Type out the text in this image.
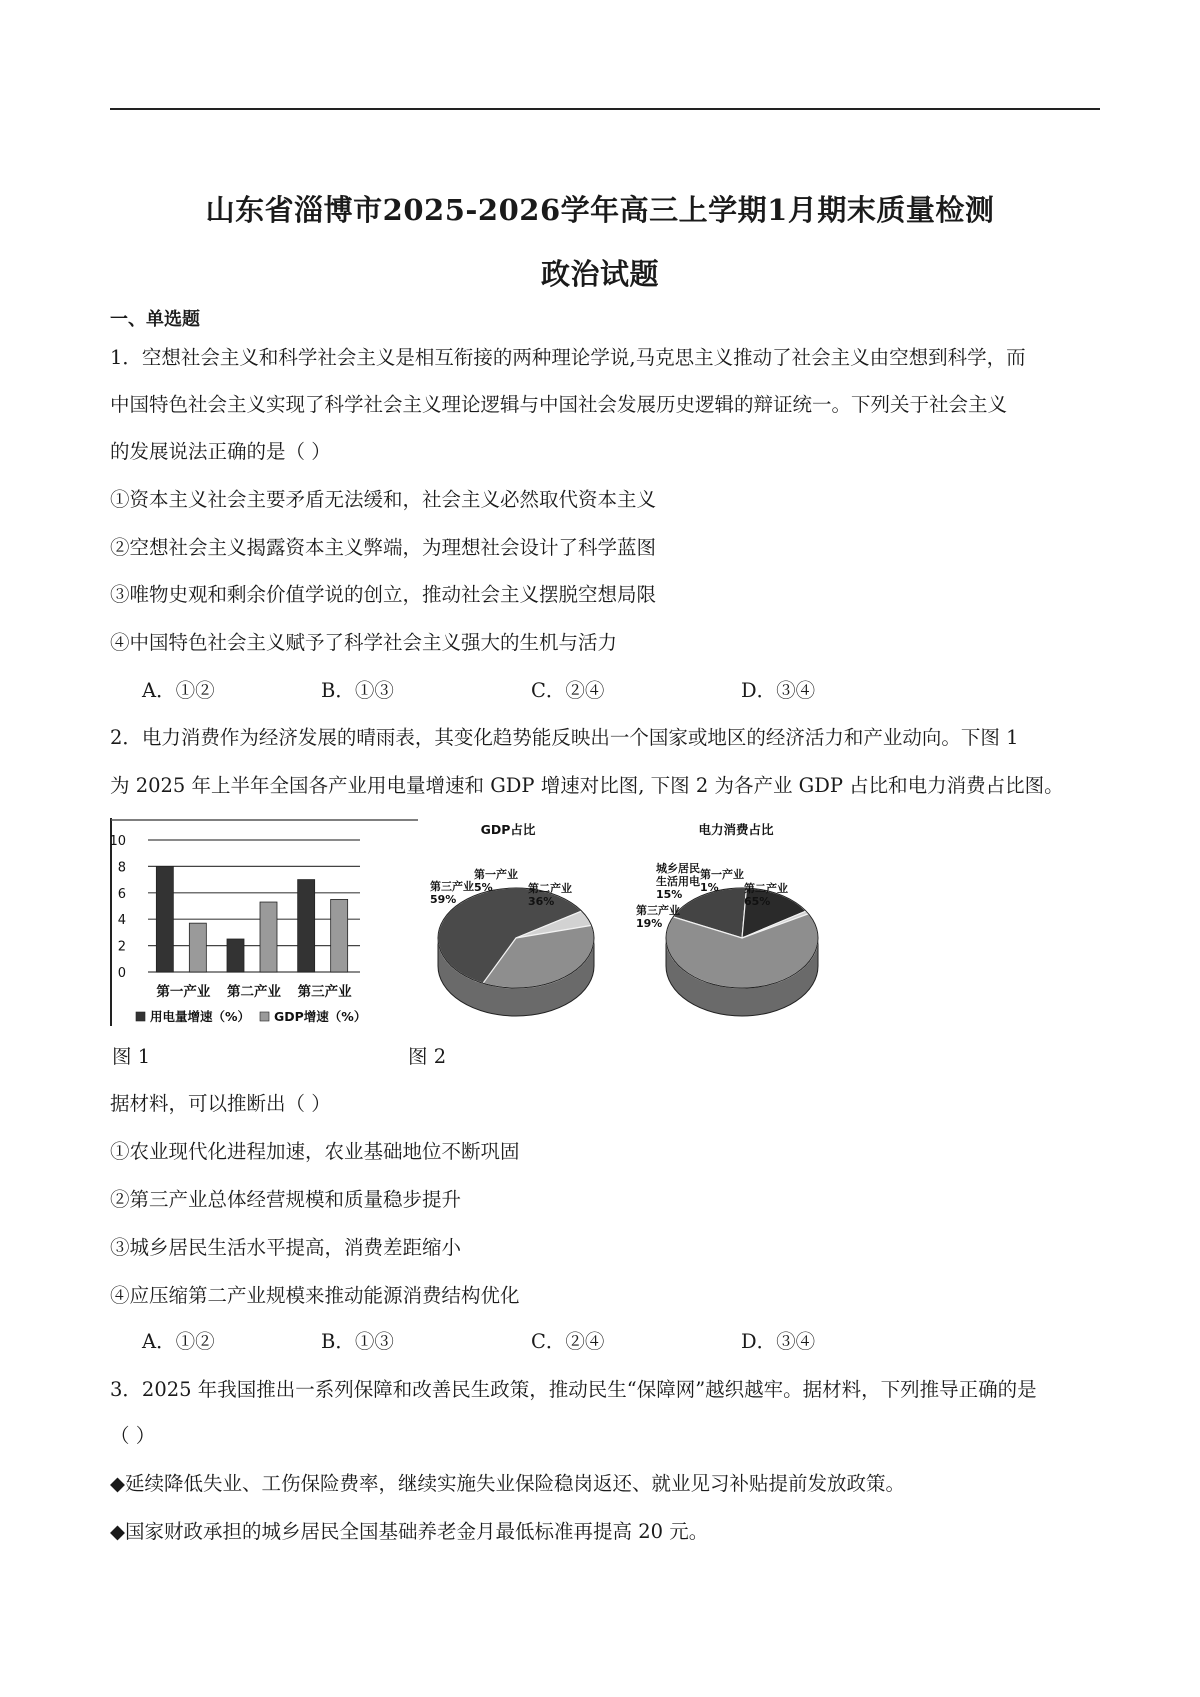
山东省淄博市2025-2026学年高三上学期1月期末质量检测
政治试题
一、单选题
1．空想社会主义和科学社会主义是相互衔接的两种理论学说,马克思主义推动了社会主义由空想到科学，而
中国特色社会主义实现了科学社会主义理论逻辑与中国社会发展历史逻辑的辩证统一。下列关于社会主义
的发展说法正确的是（ ）
①资本主义社会主要矛盾无法缓和，社会主义必然取代资本主义
②空想社会主义揭露资本主义弊端，为理想社会设计了科学蓝图
③唯物史观和剩余价值学说的创立，推动社会主义摆脱空想局限
④中国特色社会主义赋予了科学社会主义强大的生机与活力
A．①②	B．①③	C．②④	D．③④
2．电力消费作为经济发展的晴雨表，其变化趋势能反映出一个国家或地区的经济活力和产业动向。下图 1
为 2025 年上半年全国各产业用电量增速和 GDP 增速对比图, 下图 2 为各产业 GDP 占比和电力消费占比图。
0
2
4
6
8
10
第一产业 第二产业 第三产业
用电量增速（%） GDP增速（%）
GDP占比
第三产业
59%
第一产业
5%	第二产业
36%
电力消费占比
第三产业
19%
城乡居民
生活用电
15%
第一产业
1% 第二产业
65%
图 1	图 2
据材料，可以推断出（ ）
①农业现代化进程加速，农业基础地位不断巩固
②第三产业总体经营规模和质量稳步提升
③城乡居民生活水平提高，消费差距缩小
④应压缩第二产业规模来推动能源消费结构优化
A．①②	B．①③	C．②④	D．③④
3．2025 年我国推出一系列保障和改善民生政策，推动民生“保障网”越织越牢。据材料，下列推导正确的是
（ ）
◆延续降低失业、工伤保险费率，继续实施失业保险稳岗返还、就业见习补贴提前发放政策。
◆国家财政承担的城乡居民全国基础养老金月最低标准再提高 20 元。
